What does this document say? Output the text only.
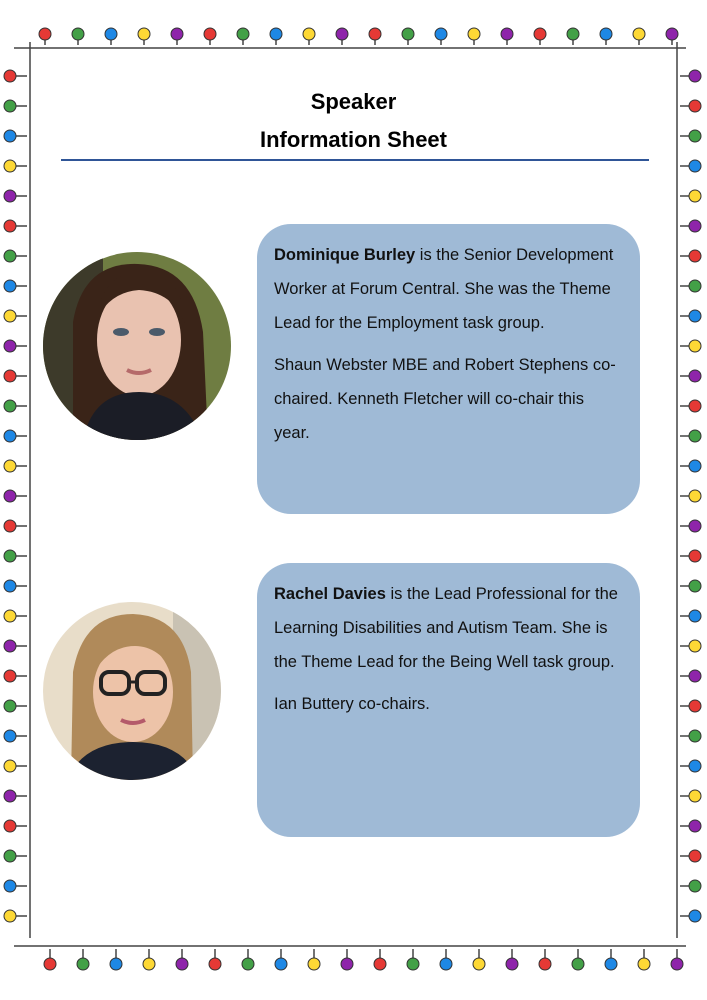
Speaker
Information Sheet

Dominique Burley is the Senior Development Worker at Forum Central. She was the Theme Lead for the Employment task group.

Shaun Webster MBE and Robert Stephens co-chaired. Kenneth Fletcher will co-chair this year.

Rachel Davies is the Lead Professional for the Learning Disabilities and Autism Team. She is the Theme Lead for the Being Well task group.

Ian Buttery co-chairs.
